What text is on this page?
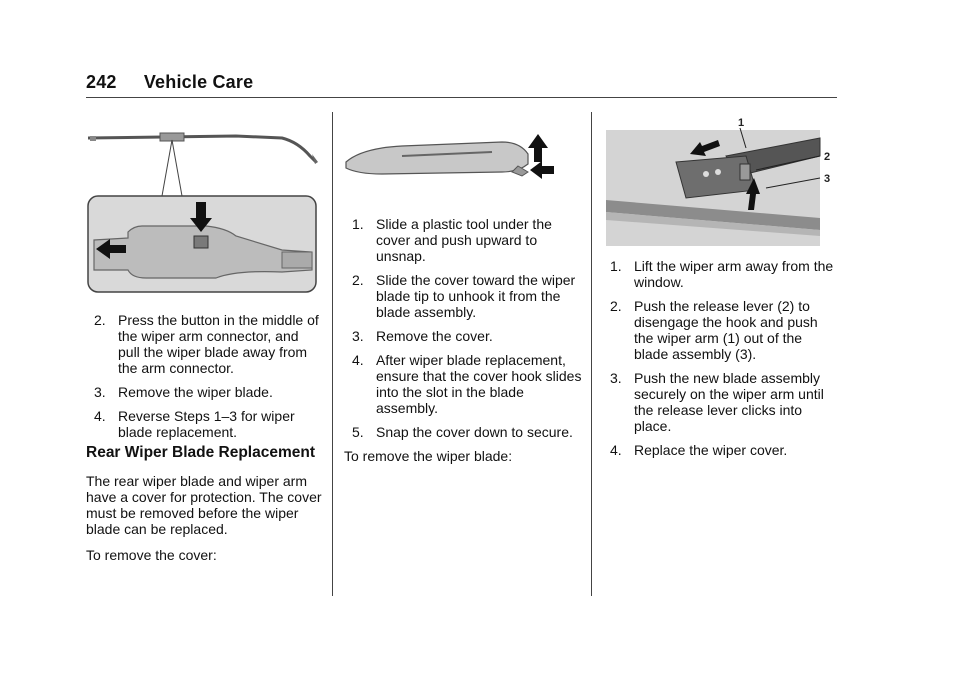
242 Vehicle Care
1
2
3
2. Press the button in the middle of the wiper arm connector, and pull the wiper blade away from the arm connector.
3. Remove the wiper blade.
4. Reverse Steps 1–3 for wiper blade replacement.
Rear Wiper Blade Replacement

The rear wiper blade and wiper arm have a cover for protection. The cover must be removed before the wiper blade can be replaced.

To remove the cover:

1. Slide a plastic tool under the cover and push upward to unsnap.
2. Slide the cover toward the wiper blade tip to unhook it from the blade assembly.
3. Remove the cover.
4. After wiper blade replacement, ensure that the cover hook slides into the slot in the blade assembly.
5. Snap the cover down to secure.

To remove the wiper blade:

1. Lift the wiper arm away from the window.
2. Push the release lever (2) to disengage the hook and push the wiper arm (1) out of the blade assembly (3).
3. Push the new blade assembly securely on the wiper arm until the release lever clicks into place.
4. Replace the wiper cover.
